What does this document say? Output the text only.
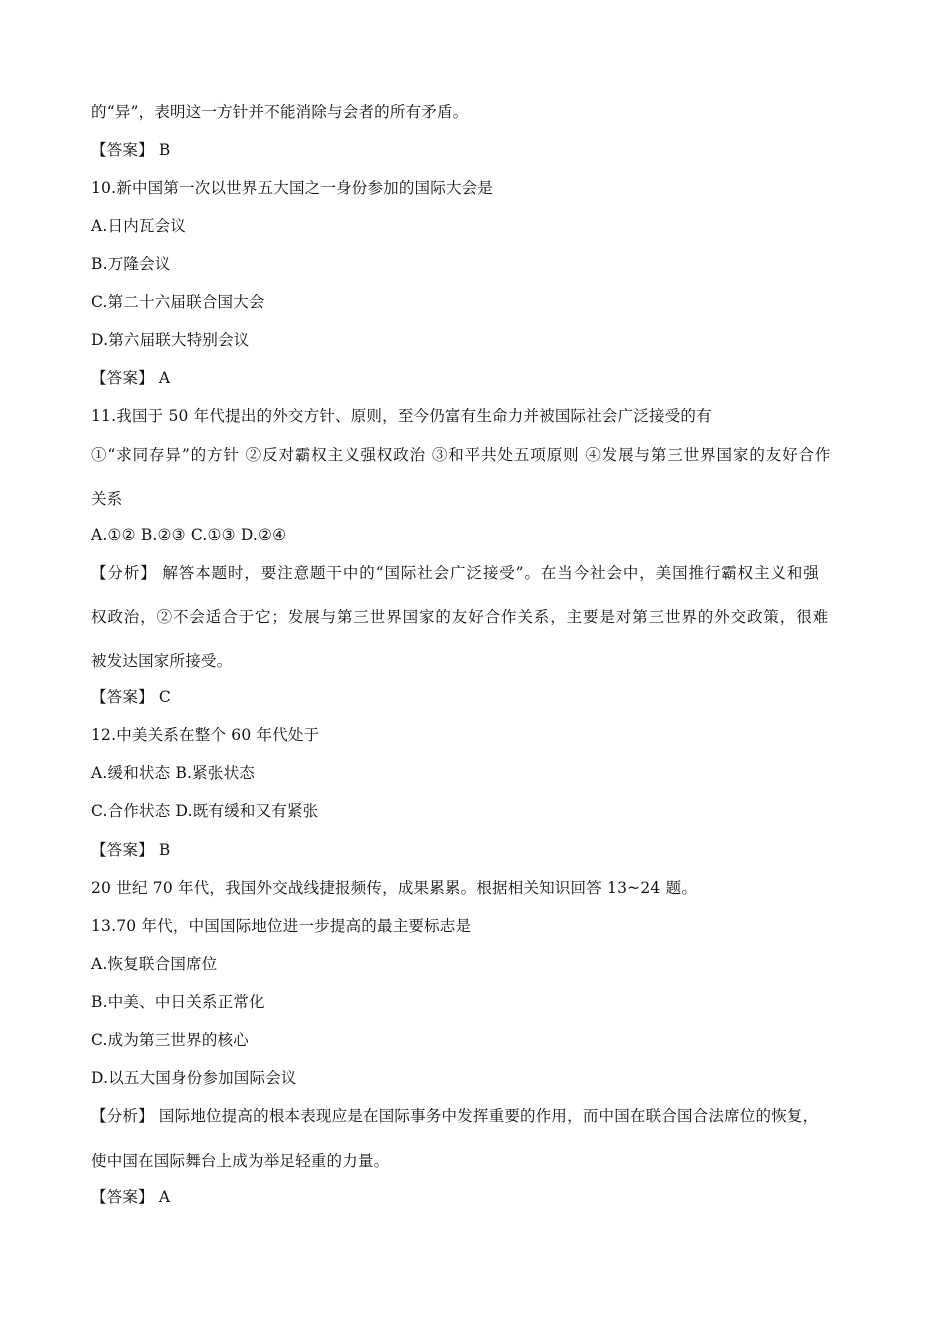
的“异”，表明这一方针并不能消除与会者的所有矛盾。
【答案】 B
10.新中国第一次以世界五大国之一身份参加的国际大会是
A.日内瓦会议
B.万隆会议
C.第二十六届联合国大会
D.第六届联大特别会议
【答案】 A
11.我国于 50 年代提出的外交方针、原则，至今仍富有生命力并被国际社会广泛接受的有
①“求同存异”的方针 ②反对霸权主义强权政治 ③和平共处五项原则 ④发展与第三世界国家的友好合作
关系
A.①② B.②③ C.①③ D.②④
【分析】 解答本题时，要注意题干中的“国际社会广泛接受”。在当今社会中，美国推行霸权主义和强
权政治，②不会适合于它；发展与第三世界国家的友好合作关系，主要是对第三世界的外交政策，很难
被发达国家所接受。
【答案】 C
12.中美关系在整个 60 年代处于
A.缓和状态 B.紧张状态
C.合作状态 D.既有缓和又有紧张
【答案】 B
20 世纪 70 年代，我国外交战线捷报频传，成果累累。根据相关知识回答 13~24 题。
13.70 年代，中国国际地位进一步提高的最主要标志是
A.恢复联合国席位
B.中美、中日关系正常化
C.成为第三世界的核心
D.以五大国身份参加国际会议
【分析】 国际地位提高的根本表现应是在国际事务中发挥重要的作用，而中国在联合国合法席位的恢复，
使中国在国际舞台上成为举足轻重的力量。
【答案】 A
